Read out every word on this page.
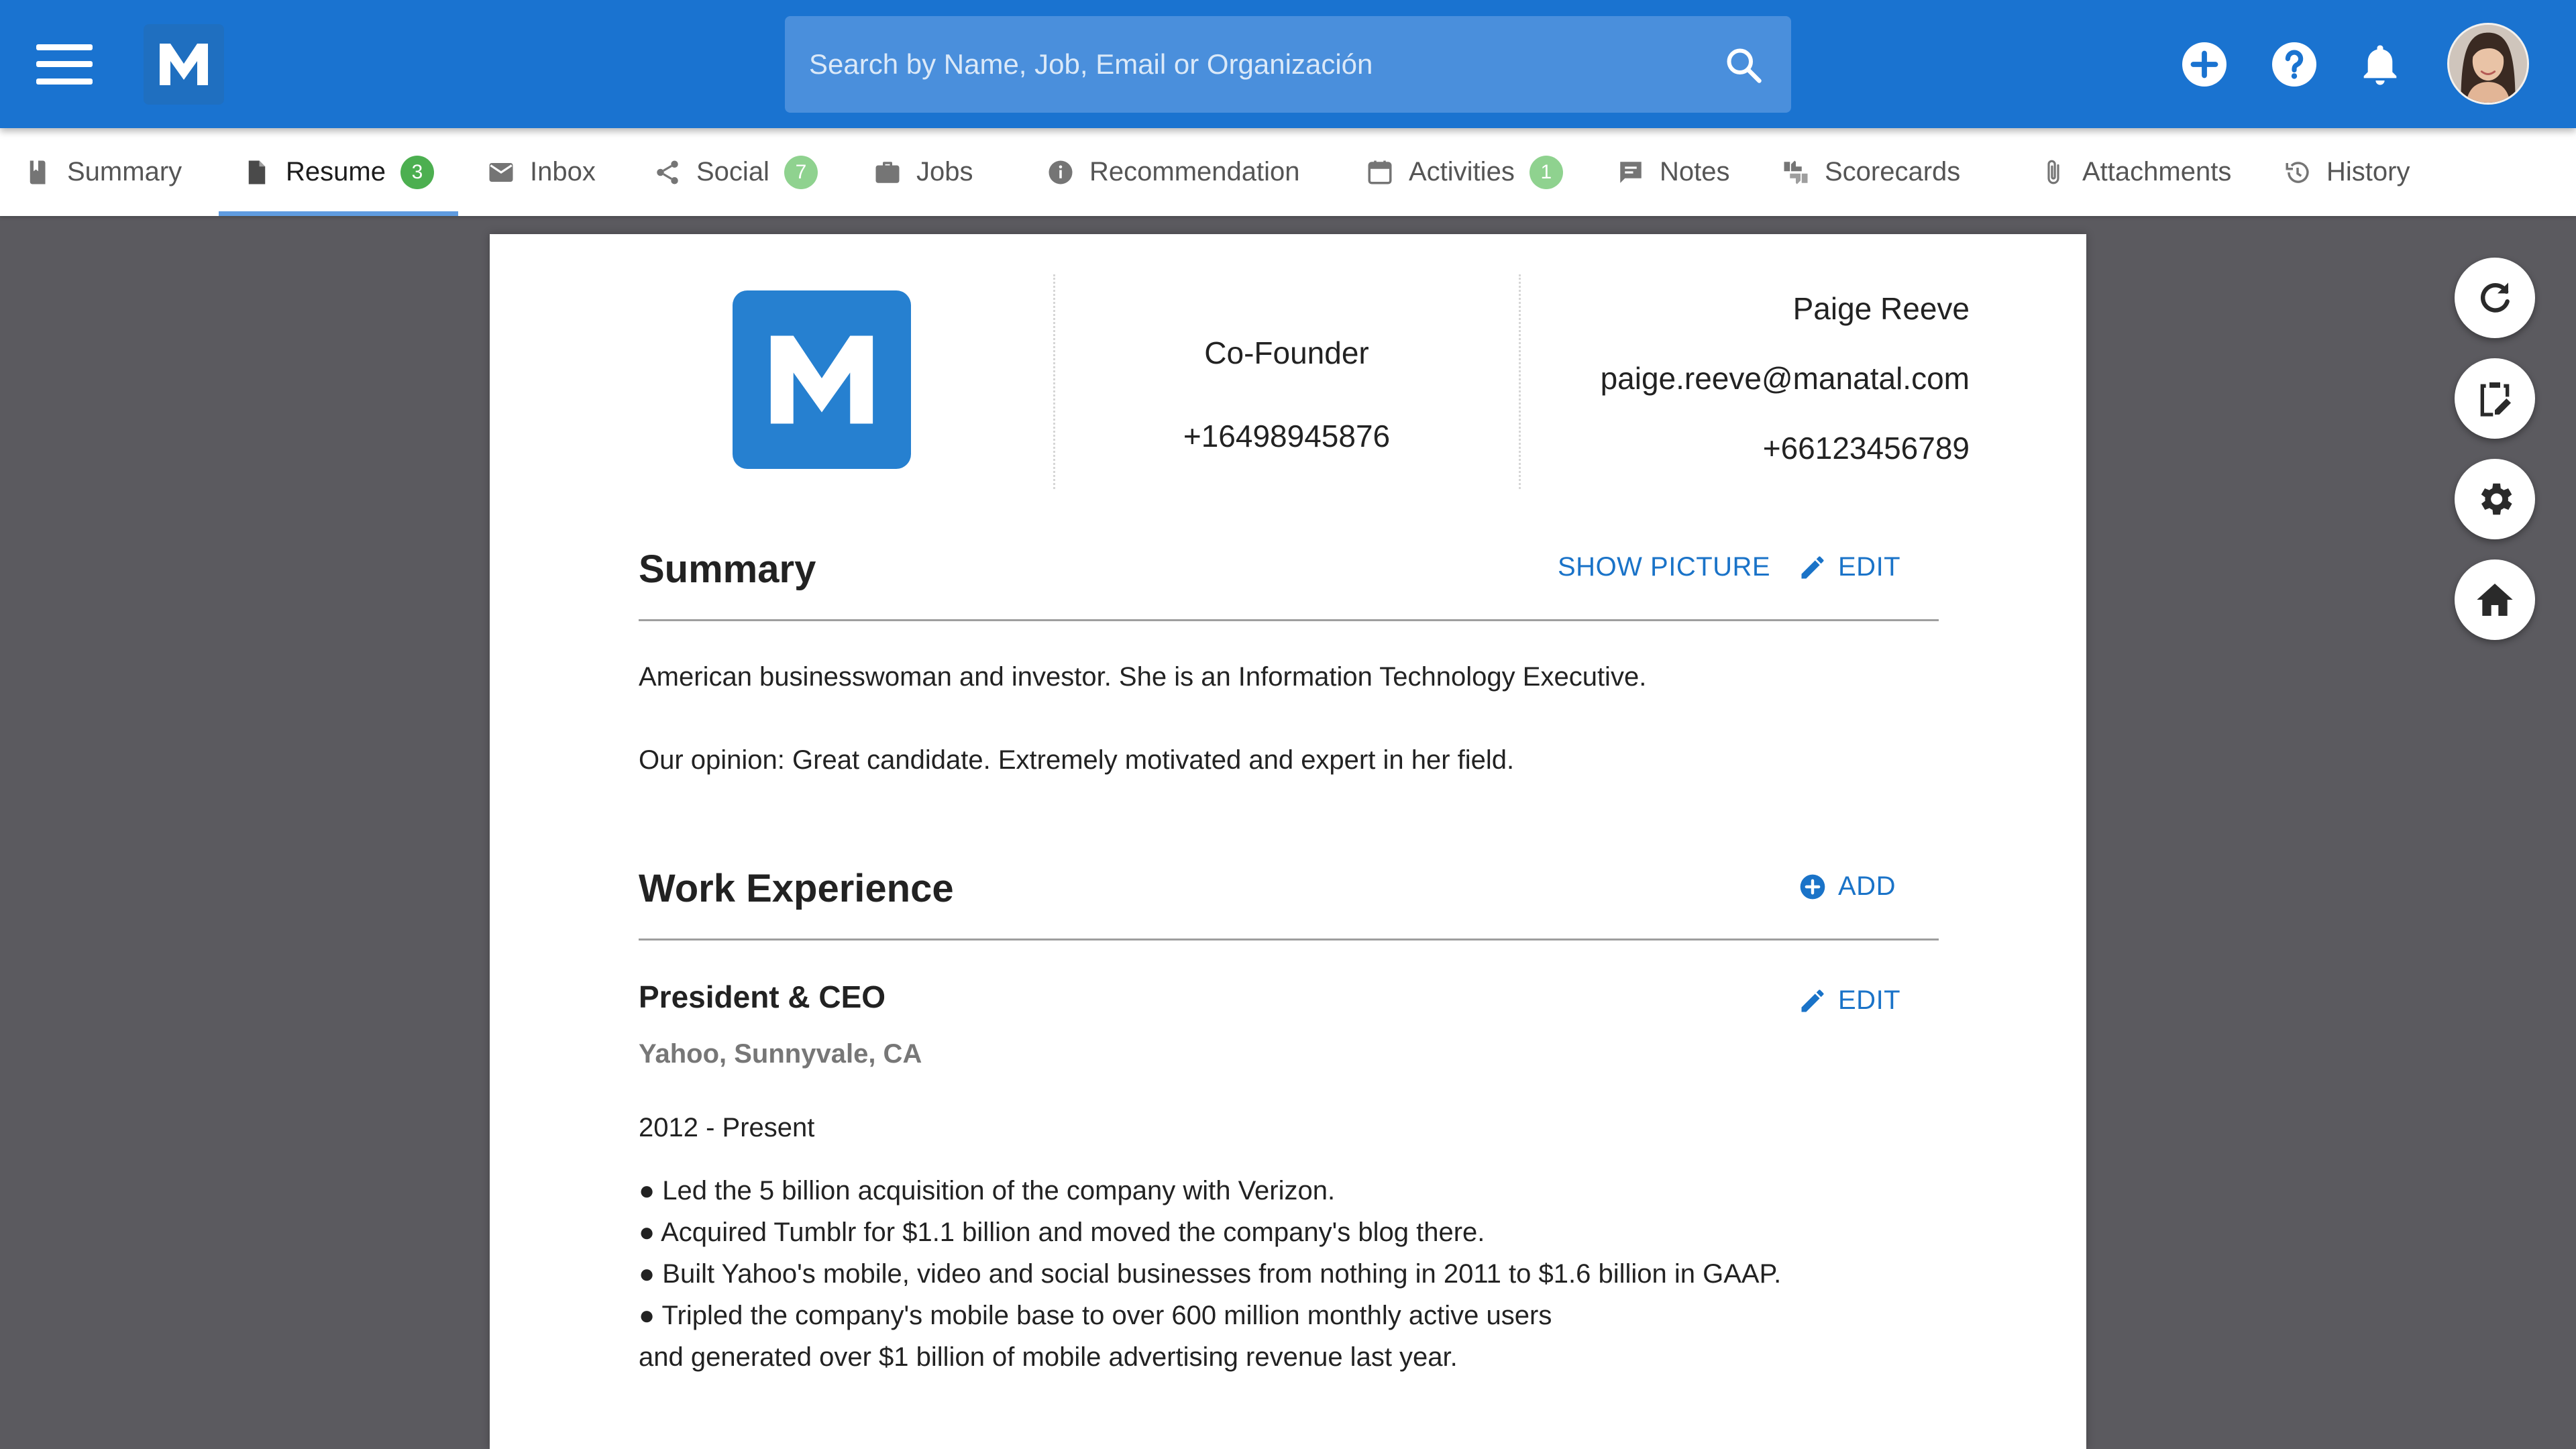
Search by Name, Job, Email or Organización
Summary	Resume	3	Inbox	Social	7	Jobs	Recommendation	Activities	1	Notes	Scorecards	Attachments	History
Co-Founder
+16498945876
Paige Reeve
paige.reeve@manatal.com
+66123456789
Summary	SHOW PICTURE	EDIT
American businesswoman and investor. She is an Information Technology Executive.
Our opinion: Great candidate. Extremely motivated and expert in her field.
Work Experience	ADD
President & CEO	EDIT
Yahoo, Sunnyvale, CA
2012 - Present
● Led the 5 billion acquisition of the company with Verizon.
● Acquired Tumblr for $1.1 billion and moved the company's blog there.
● Built Yahoo's mobile, video and social businesses from nothing in 2011 to $1.6 billion in GAAP.
● Tripled the company's mobile base to over 600 million monthly active users
and generated over $1 billion of mobile advertising revenue last year.
